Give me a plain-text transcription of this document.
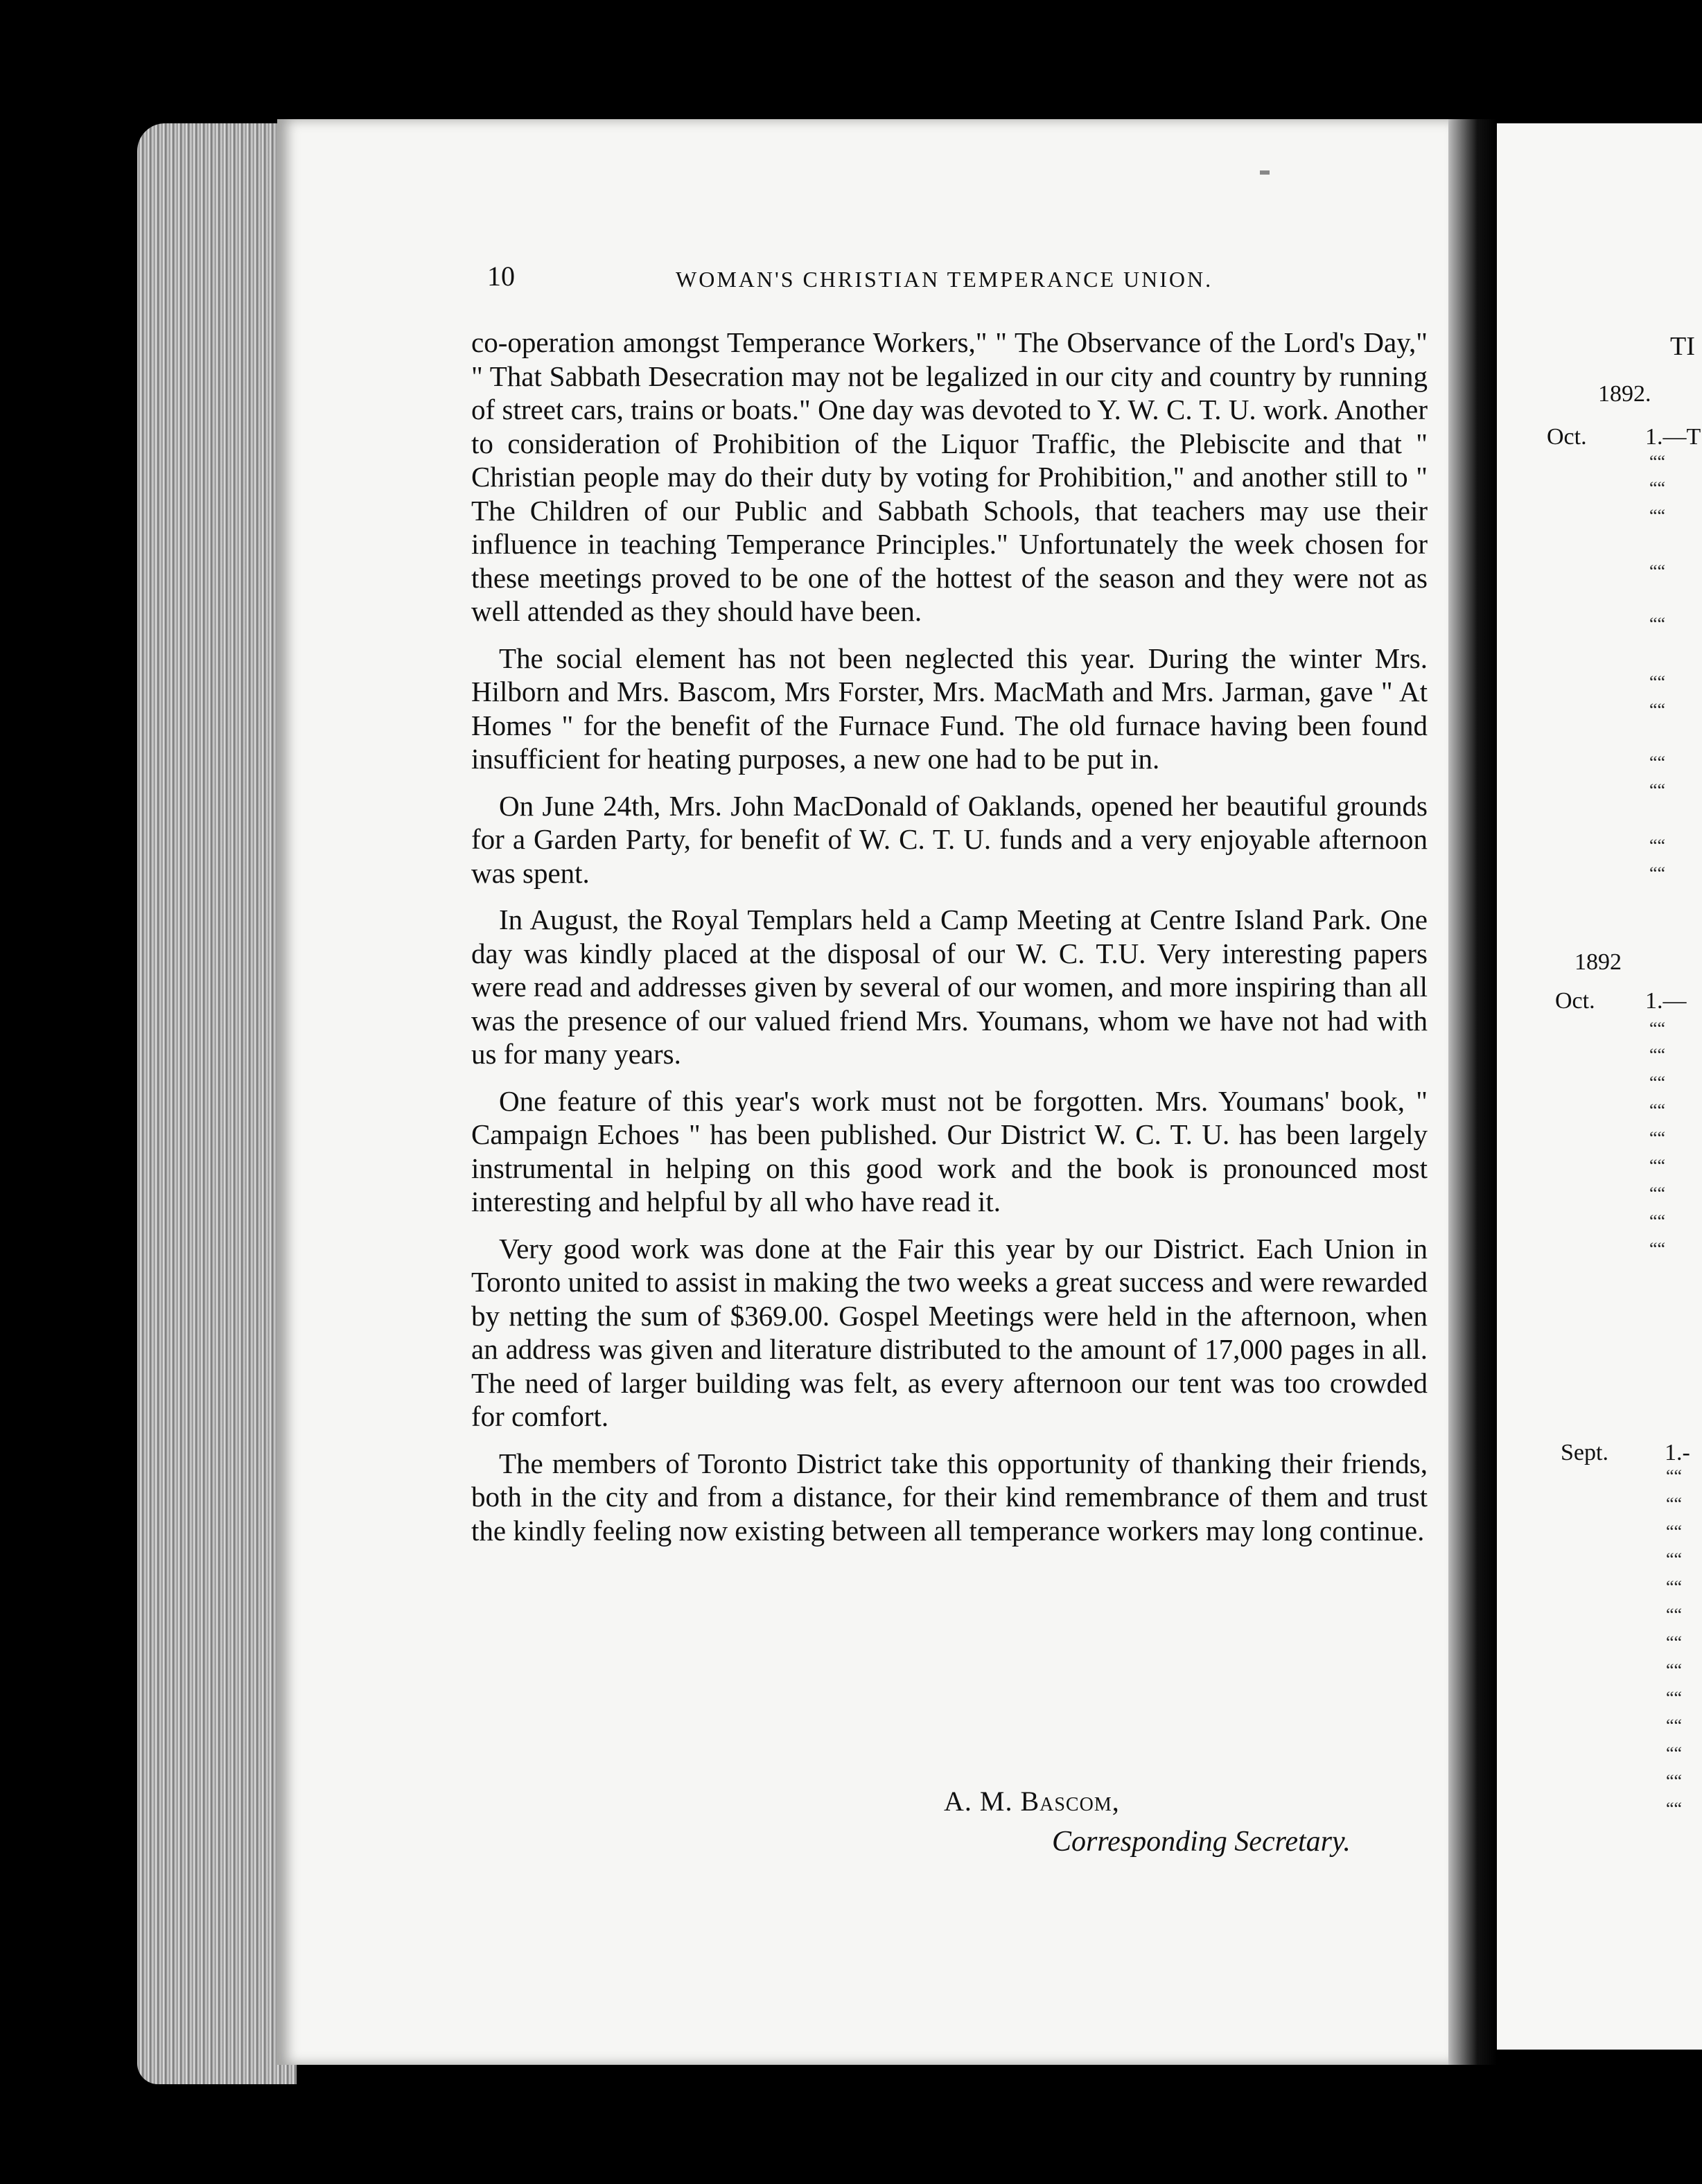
10	WOMAN'S CHRISTIAN TEMPERANCE UNION.

co-operation amongst Temperance Workers," " The Observance of the Lord's Day," " That Sabbath Desecration may not be legalized in our city and country by running of street cars, trains or boats." One day was devoted to Y. W. C. T. U. work. Another to consideration of Prohibition of the Liquor Traffic, the Plebiscite and that " Christian people may do their duty by voting for Prohibition," and another still to " The Children of our Public and Sabbath Schools, that teachers may use their influence in teaching Temperance Principles." Unfortunately the week chosen for these meetings proved to be one of the hottest of the season and they were not as well attended as they should have been.

The social element has not been neglected this year. During the winter Mrs. Hilborn and Mrs. Bascom, Mrs Forster, Mrs. MacMath and Mrs. Jarman, gave " At Homes " for the benefit of the Furnace Fund. The old furnace having been found insufficient for heating purposes, a new one had to be put in.

On June 24th, Mrs. John MacDonald of Oaklands, opened her beautiful grounds for a Garden Party, for benefit of W. C. T. U. funds and a very enjoyable afternoon was spent.

In August, the Royal Templars held a Camp Meeting at Centre Island Park. One day was kindly placed at the disposal of our W. C. T.U. Very interesting papers were read and addresses given by several of our women, and more inspiring than all was the presence of our valued friend Mrs. Youmans, whom we have not had with us for many years.

One feature of this year's work must not be forgotten. Mrs. Youmans' book, " Campaign Echoes " has been published. Our District W. C. T. U. has been largely instrumental in helping on this good work and the book is pronounced most interesting and helpful by all who have read it.

Very good work was done at the Fair this year by our District. Each Union in Toronto united to assist in making the two weeks a great success and were rewarded by netting the sum of $369.00. Gospel Meetings were held in the afternoon, when an address was given and literature distributed to the amount of 17,000 pages in all. The need of larger building was felt, as every afternoon our tent was too crowded for comfort.

The members of Toronto District take this opportunity of thanking their friends, both in the city and from a distance, for their kind remembrance of them and trust the kindly feeling now existing between all temperance workers may long continue.

A. M. Bascom,
Corresponding Secretary.
TI
1892.
Oct. 1.—T
1892
Oct. 1.—
Sept. 1.-
““
““
““
““
““
““
““
““
““
““
““
““
““
““
““
““
““
““
““
““
““
““
““
““
““
““
““
““
““
““
““
““
““
